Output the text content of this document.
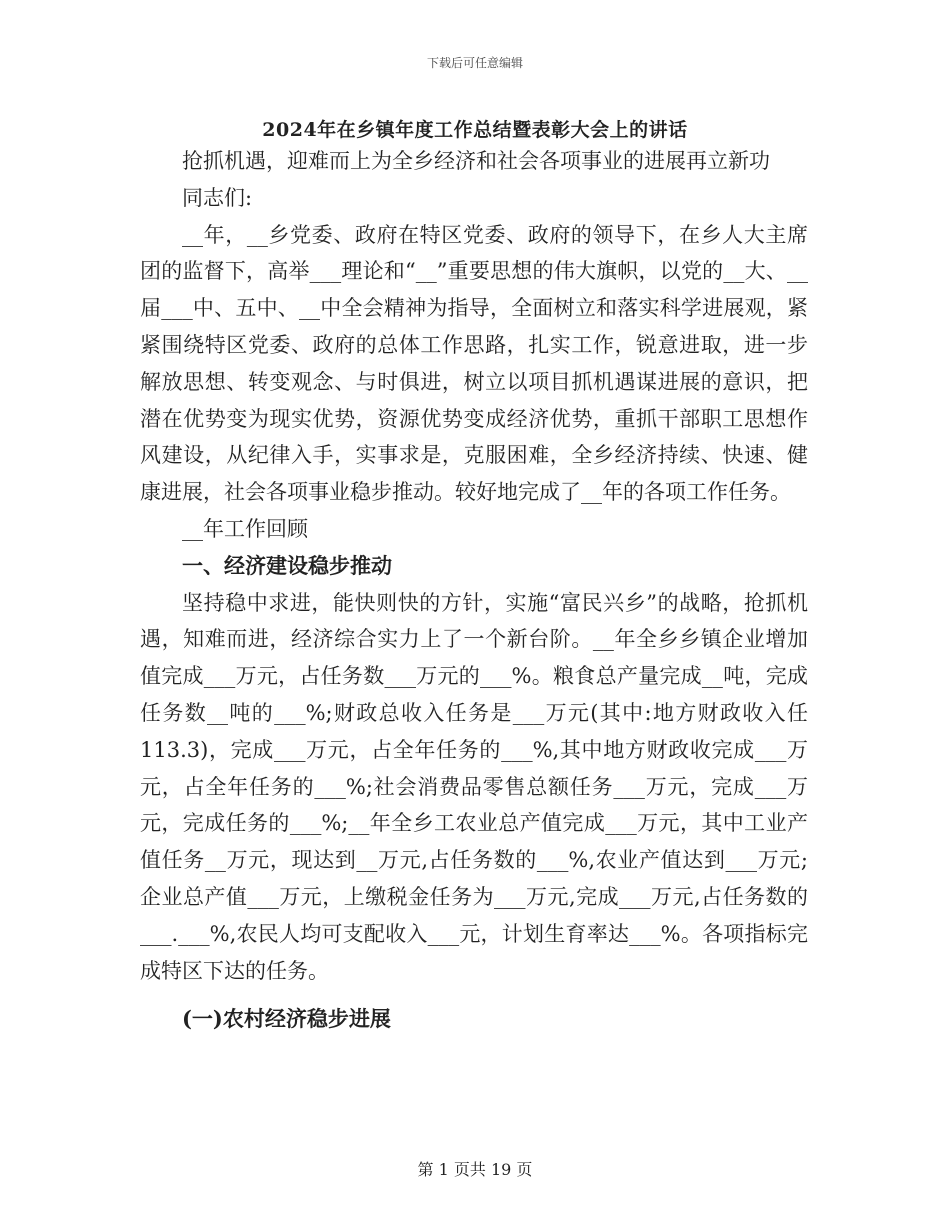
下载后可任意编辑
2024年在乡镇年度工作总结暨表彰大会上的讲话

抢抓机遇，迎难而上为全乡经济和社会各项事业的进展再立新功

同志们:

__年，__乡党委、政府在特区党委、政府的领导下，在乡人大主席团的监督下，高举___理论和“__”重要思想的伟大旗帜，以党的__大、__届___中、五中、__中全会精神为指导，全面树立和落实科学进展观，紧紧围绕特区党委、政府的总体工作思路，扎实工作，锐意进取，进一步解放思想、转变观念、与时俱进，树立以项目抓机遇谋进展的意识，把潜在优势变为现实优势，资源优势变成经济优势，重抓干部职工思想作风建设，从纪律入手，实事求是，克服困难，全乡经济持续、快速、健康进展，社会各项事业稳步推动。较好地完成了__年的各项工作任务。

__年工作回顾

一、经济建设稳步推动

坚持稳中求进，能快则快的方针，实施“富民兴乡”的战略，抢抓机遇，知难而进，经济综合实力上了一个新台阶。__年全乡乡镇企业增加值完成___万元，占任务数___万元的___%。粮食总产量完成__吨，完成任务数__吨的___%;财政总收入任务是___万元(其中:地方财政收入任113.3)，完成___万元，占全年任务的___%,其中地方财政收完成___万元，占全年任务的___%;社会消费品零售总额任务___万元，完成___万元，完成任务的___%;__年全乡工农业总产值完成___万元，其中工业产值任务__万元，现达到__万元,占任务数的___%,农业产值达到___万元;企业总产值___万元，上缴税金任务为___万元,完成___万元,占任务数的___.___%,农民人均可支配收入___元，计划生育率达___%。各项指标完成特区下达的任务。

(一)农村经济稳步进展

第 1 页共 19 页
